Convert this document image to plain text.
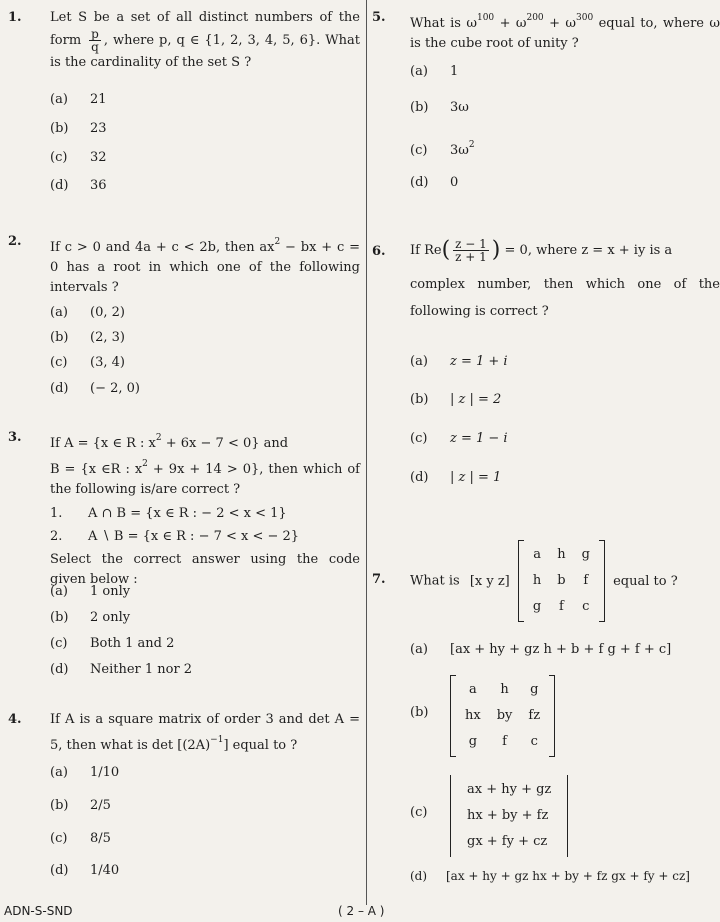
1. Let S be a set of all distinct numbers of the form $\frac{p}{q}$ , where p, q ∈ {1, 2, 3, 4, 5, 6}. What is the cardinality of the set S ?
(a) 21
(b) 23
(c) 32
(d) 36
2. If c > 0 and 4a + c < 2b, then $ax^2$ − bx + c = 0 has a root in which one of the following intervals ?
(a) (0, 2)
(b) (2, 3)
(c) (3, 4)
(d) (− 2, 0)
3. If A = {x ∈ R : $x^2 + 6x - 7 < 0$} and
B = {x ∈R : $x^2 + 9x + 14 > 0$}, then which of the following is/are correct ?
1. A ∩ B = {x ∈ R : − 2 < x < 1}
2. A ∖ B = {x ∈ R : − 7 < x < − 2}
Select the correct answer using the code given below :
(a) 1 only
(b) 2 only
(c) Both 1 and 2
(d) Neither 1 nor 2
4. If A is a square matrix of order 3 and det A = 5, then what is $\det [(2A)^{-1}]$ equal to ?
(a) 1/10
(b) 2/5
(c) 8/5
(d) 1/40
5. What is $\omega^{100} + \omega^{200} + \omega^{300}$ equal to, where ω is the cube root of unity ?
(a) 1
(b) 3ω
(c) $3\omega^2$
(d) 0
6. If $Re( \frac{z - 1}{z + 1}$ ) = 0, where z = x + iy is a
complex number, then which one of the following is correct ?
(a) z = 1 + i
(b) | z | = 2
(c) z = 1 − i
(d) | z | = 1
7. What is [x y z]
a	h	g
h	b	f
g	f	c
equal to ?
(a) [ax + hy + gz h + b + f g + f + c]
(b)
a	h	g
hx	by	fz
g	f	c
(c)
ax + hy + gz
hx + by + fz
gx + fy + cz
(d) [ax + hy + gz hx + by + fz gx + fy + cz]
ADN-S-SND	( 2 – A )
